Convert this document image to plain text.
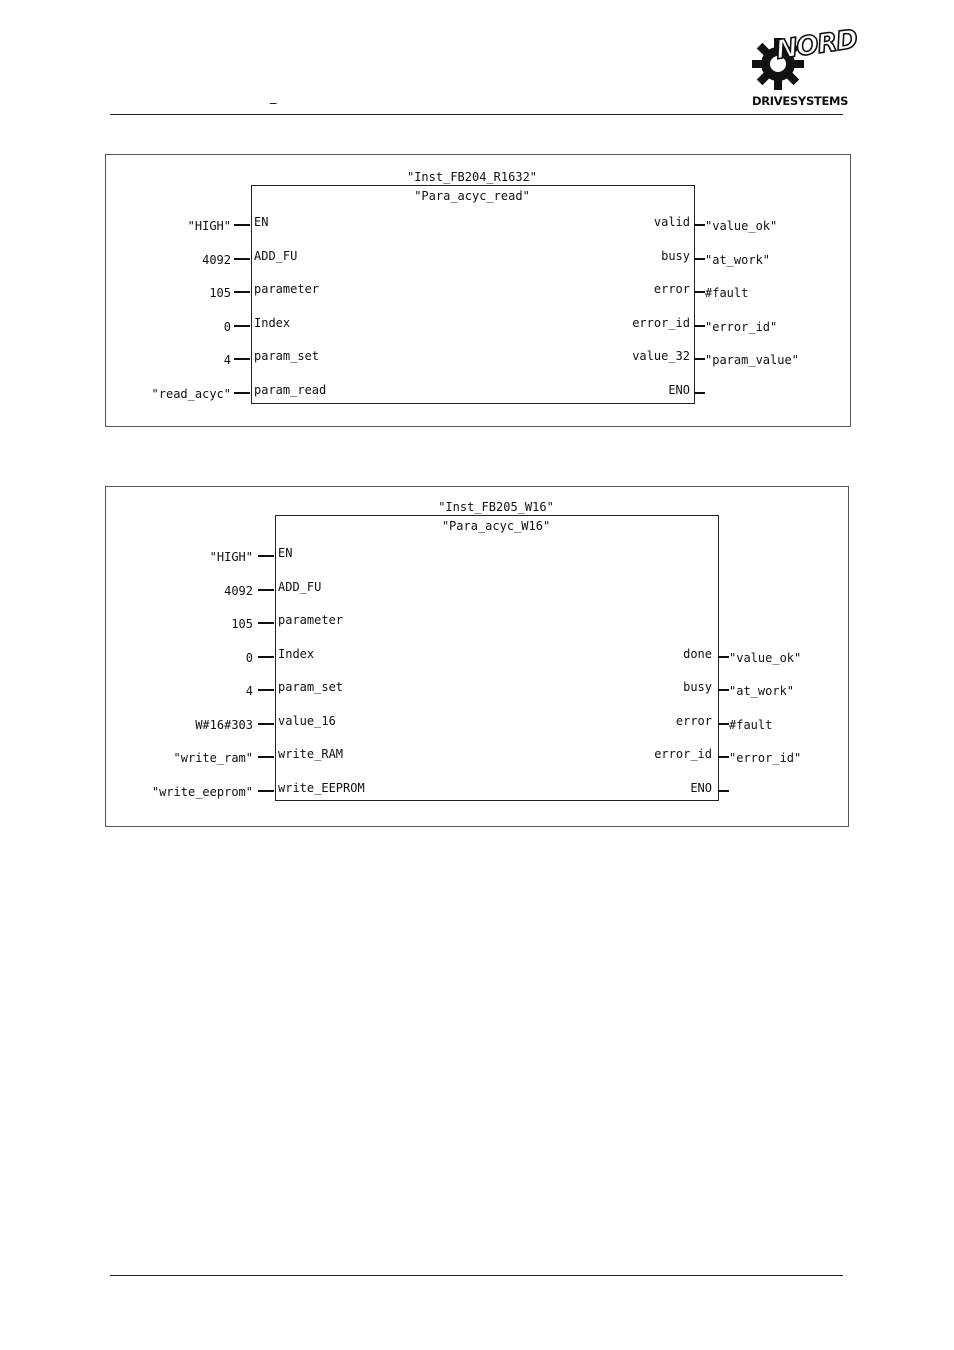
_
NORD
DRIVESYSTEMS
"Inst_FB204_R1632"
"Para_acyc_read"
"HIGH" EN
4092 ADD_FU
105 parameter
0 Index
4 param_set
"read_acyc" param_read
valid "value_ok"
busy "at_work"
error #fault
error_id "error_id"
value_32 "param_value"
ENO
"Inst_FB205_W16"
"Para_acyc_W16"
"HIGH" EN
4092 ADD_FU
105 parameter
0 Index
4 param_set
W#16#303 value_16
"write_ram" write_RAM
"write_eeprom" write_EEPROM
done "value_ok"
busy "at_work"
error #fault
error_id "error_id"
ENO
